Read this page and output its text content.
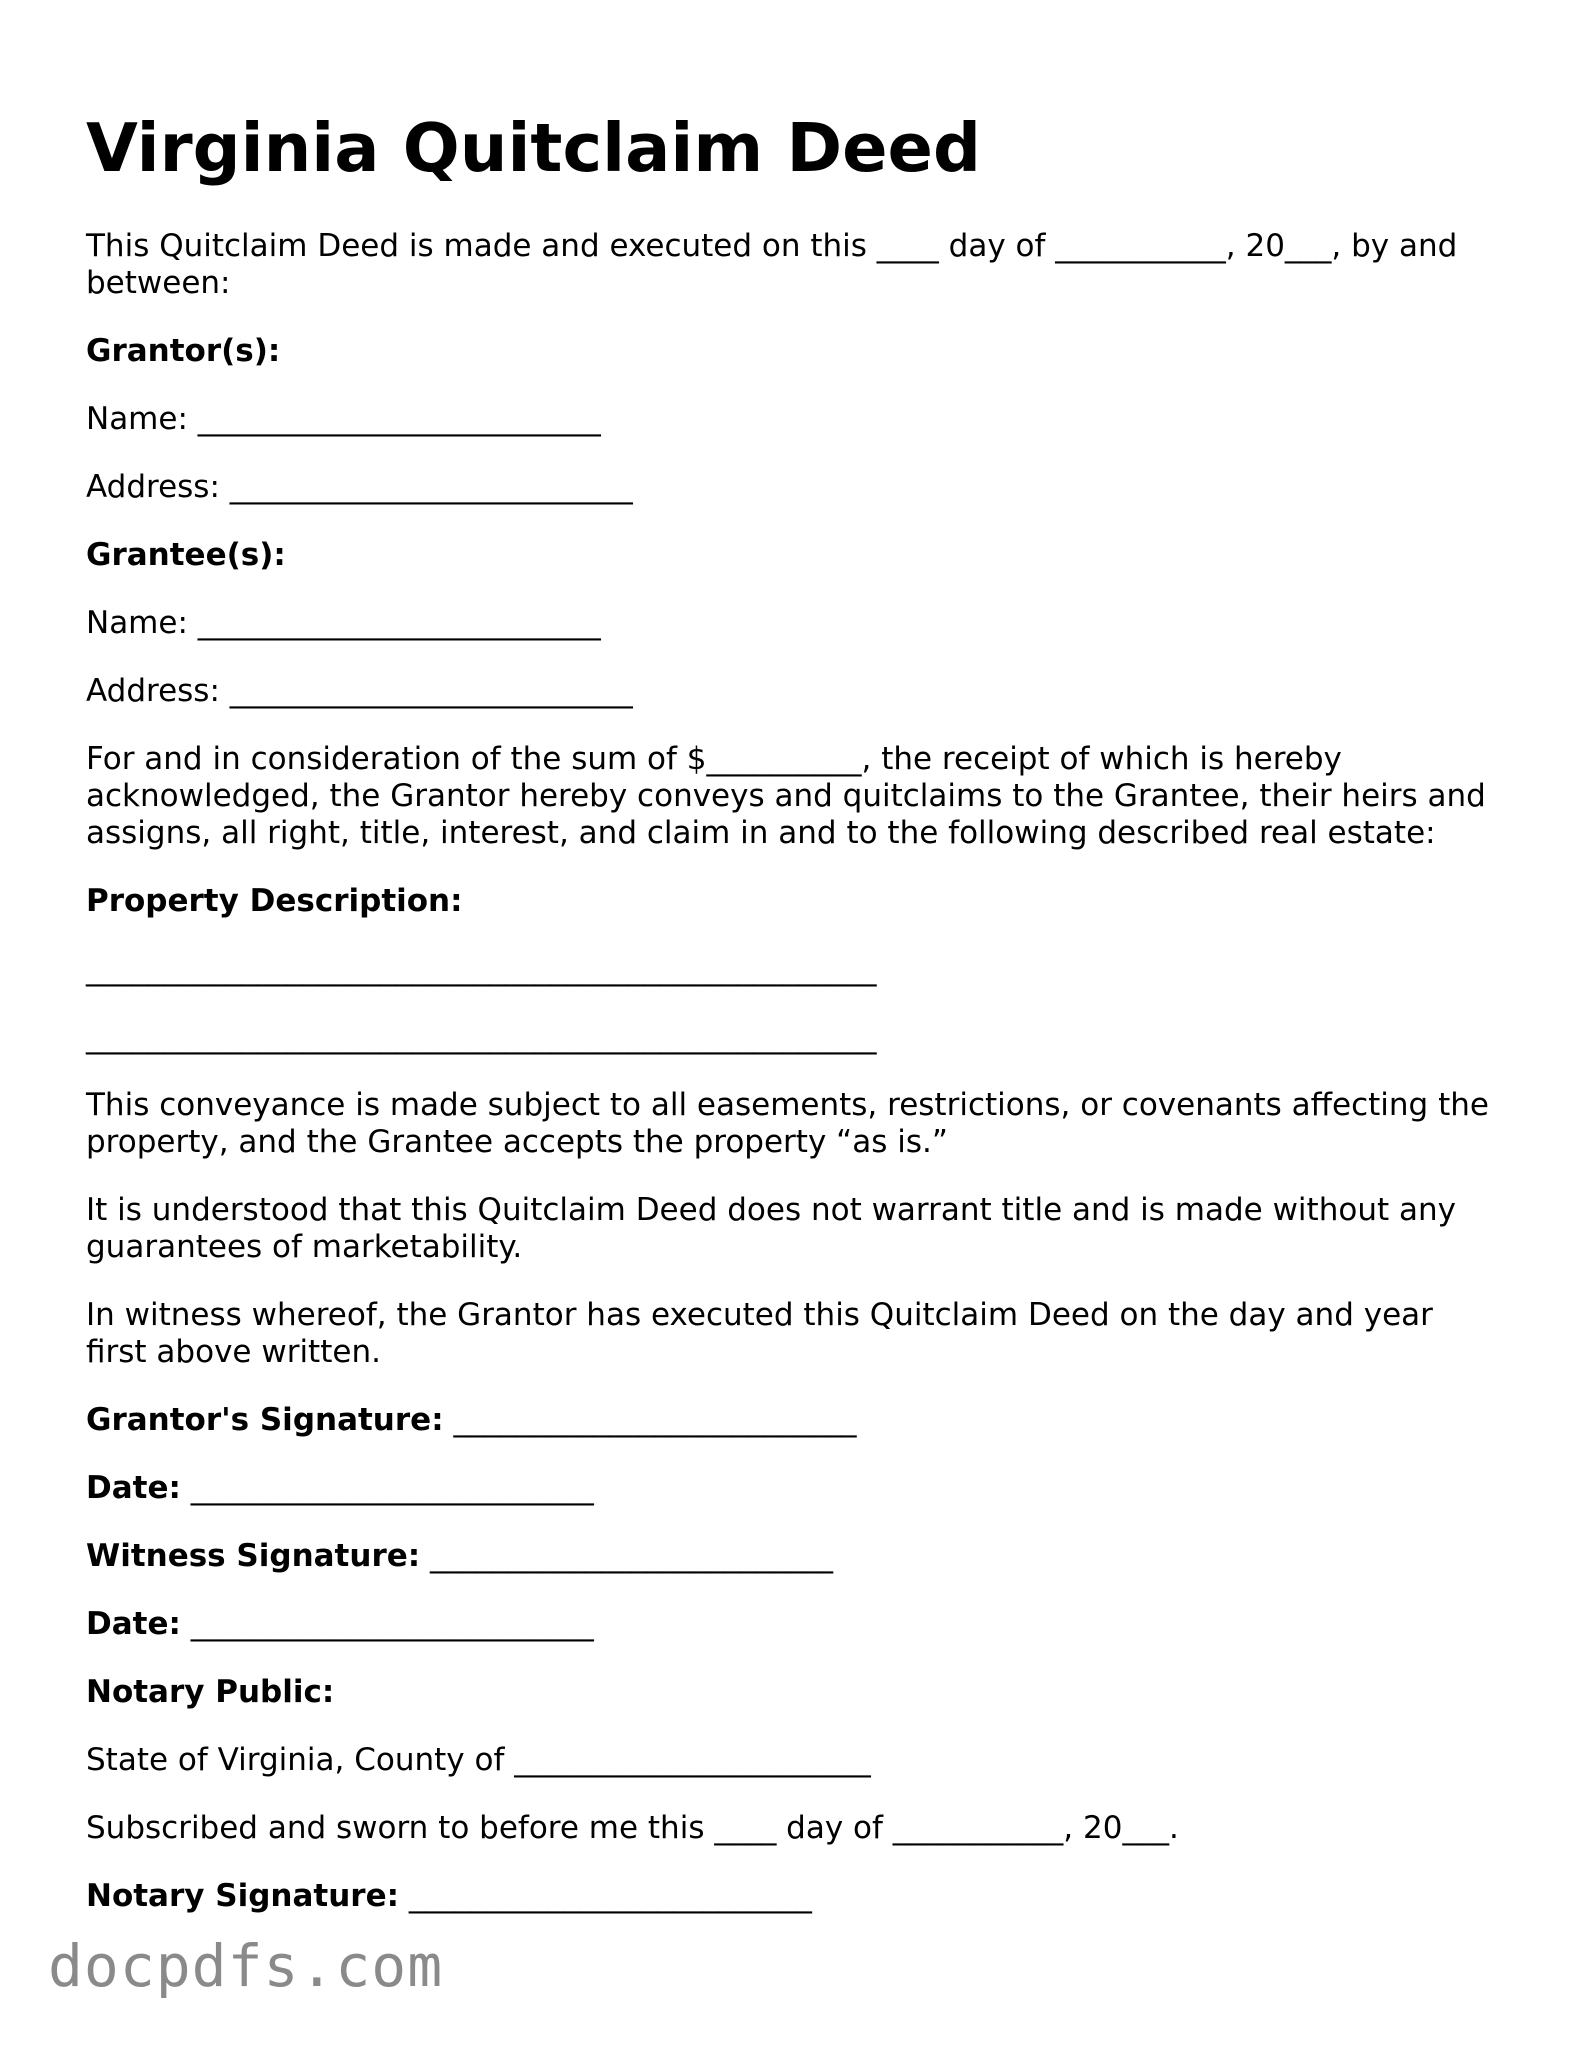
Virginia Quitclaim Deed

This Quitclaim Deed is made and executed on this ____ day of ___________, 20___, by and

between:

Grantor(s):

Name: __________________________

Address: __________________________

Grantee(s):

Name: __________________________

Address: __________________________

For and in consideration of the sum of $__________, the receipt of which is hereby

acknowledged, the Grantor hereby conveys and quitclaims to the Grantee, their heirs and

assigns, all right, title, interest, and claim in and to the following described real estate:

Property Description:

___________________________________________________

___________________________________________________

This conveyance is made subject to all easements, restrictions, or covenants affecting the

property, and the Grantee accepts the property “as is.”

It is understood that this Quitclaim Deed does not warrant title and is made without any

guarantees of marketability.

In witness whereof, the Grantor has executed this Quitclaim Deed on the day and year

first above written.

Grantor's Signature: __________________________

Date: __________________________

Witness Signature: __________________________

Date: __________________________

Notary Public:

State of Virginia, County of _______________________

Subscribed and sworn to before me this ____ day of ___________, 20___.

Notary Signature: __________________________

docpdfs.com
